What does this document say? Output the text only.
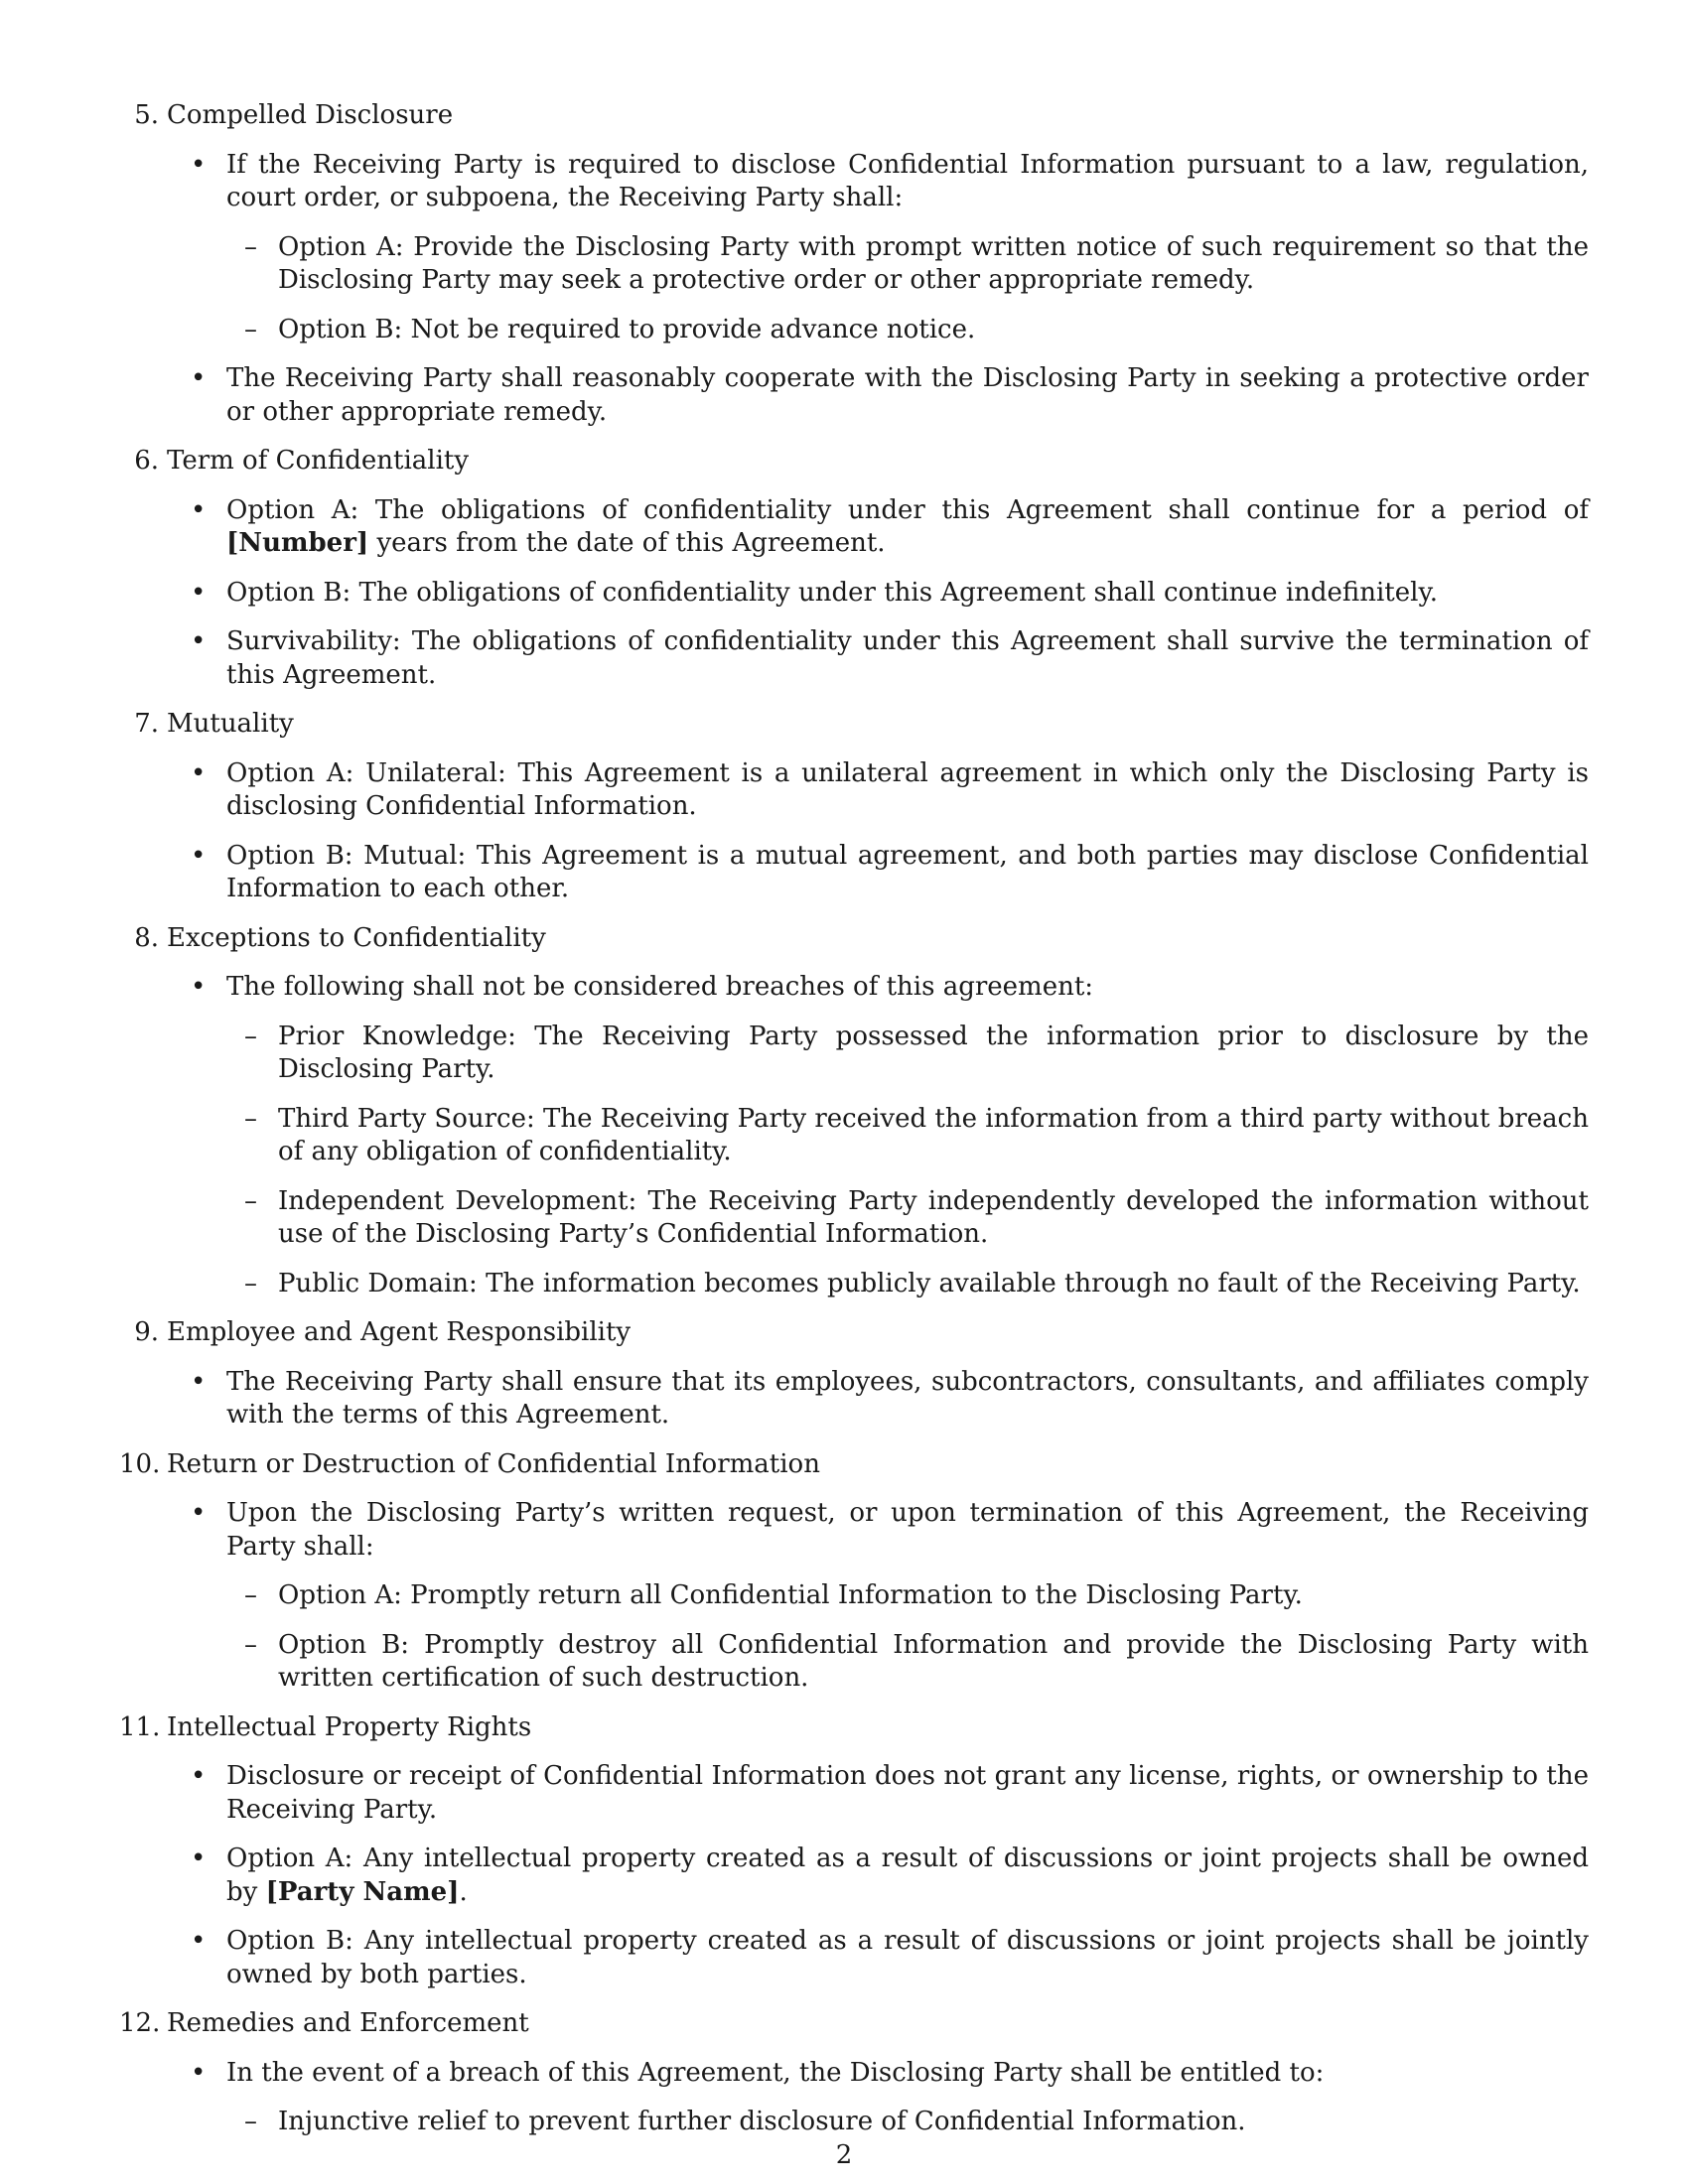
5. Compelled Disclosure
• If the Receiving Party is required to disclose Confidential Information pursuant to a law, regulation, court order, or subpoena, the Receiving Party shall:
– Option A: Provide the Disclosing Party with prompt written notice of such requirement so that the Disclosing Party may seek a protective order or other appropriate remedy.
– Option B: Not be required to provide advance notice.
• The Receiving Party shall reasonably cooperate with the Disclosing Party in seeking a protective order or other appropriate remedy.
6. Term of Confidentiality
• Option A: The obligations of confidentiality under this Agreement shall continue for a period of [Number] years from the date of this Agreement.
• Option B: The obligations of confidentiality under this Agreement shall continue indefinitely.
• Survivability: The obligations of confidentiality under this Agreement shall survive the termination of this Agreement.
7. Mutuality
• Option A: Unilateral: This Agreement is a unilateral agreement in which only the Disclosing Party is disclosing Confidential Information.
• Option B: Mutual: This Agreement is a mutual agreement, and both parties may disclose Confidential Information to each other.
8. Exceptions to Confidentiality
• The following shall not be considered breaches of this agreement:
– Prior Knowledge: The Receiving Party possessed the information prior to disclosure by the Disclosing Party.
– Third Party Source: The Receiving Party received the information from a third party without breach of any obligation of confidentiality.
– Independent Development: The Receiving Party independently developed the information without use of the Disclosing Party’s Confidential Information.
– Public Domain: The information becomes publicly available through no fault of the Receiving Party.
9. Employee and Agent Responsibility
• The Receiving Party shall ensure that its employees, subcontractors, consultants, and affiliates comply with the terms of this Agreement.
10. Return or Destruction of Confidential Information
• Upon the Disclosing Party’s written request, or upon termination of this Agreement, the Receiving Party shall:
– Option A: Promptly return all Confidential Information to the Disclosing Party.
– Option B: Promptly destroy all Confidential Information and provide the Disclosing Party with written certification of such destruction.
11. Intellectual Property Rights
• Disclosure or receipt of Confidential Information does not grant any license, rights, or ownership to the Receiving Party.
• Option A: Any intellectual property created as a result of discussions or joint projects shall be owned by [Party Name].
• Option B: Any intellectual property created as a result of discussions or joint projects shall be jointly owned by both parties.
12. Remedies and Enforcement
• In the event of a breach of this Agreement, the Disclosing Party shall be entitled to:
– Injunctive relief to prevent further disclosure of Confidential Information.
2
